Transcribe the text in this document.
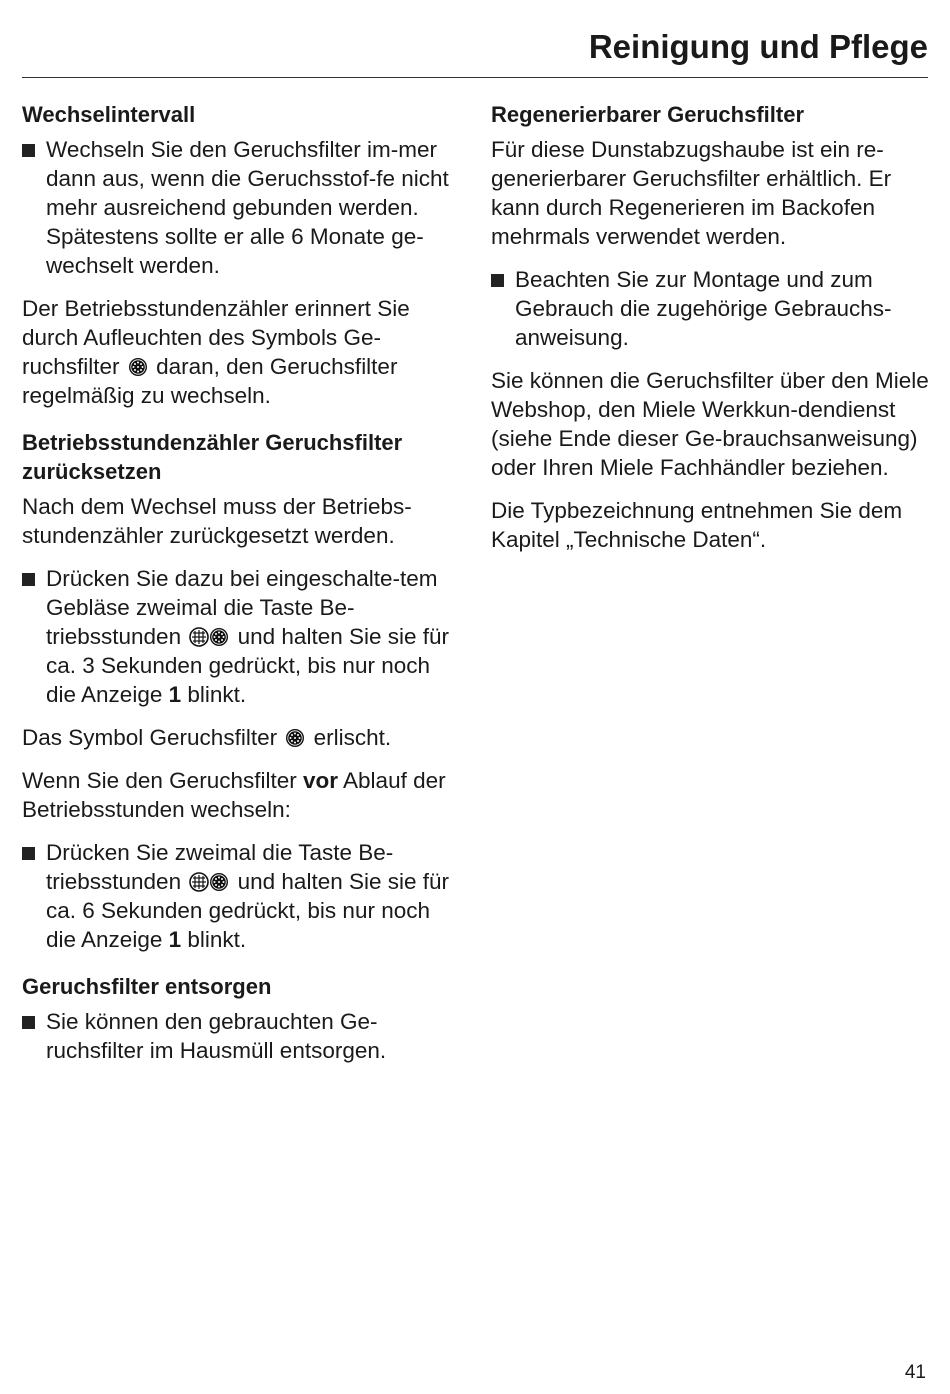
Reinigung und Pflege
Wechselintervall
Wechseln Sie den Geruchsfilter im-mer dann aus, wenn die Geruchsstof-fe nicht mehr ausreichend gebunden werden.
Spätestens sollte er alle 6 Monate ge-wechselt werden.

Der Betriebsstundenzähler erinnert Sie durch Aufleuchten des Symbols Ge-ruchsfilter daran, den Geruchsfilter regelmäßig zu wechseln.

Betriebsstundenzähler Geruchsfilter zurücksetzen

Nach dem Wechsel muss der Betriebs-stundenzähler zurückgesetzt werden.

Drücken Sie dazu bei eingeschalte-tem Gebläse zweimal die Taste Be-triebsstunden	und halten Sie sie für ca. 3 Sekunden gedrückt, bis nur noch die Anzeige 1 blinkt.

Das Symbol Geruchsfilter erlischt.

Wenn Sie den Geruchsfilter vor Ablauf der Betriebsstunden wechseln:

Drücken Sie zweimal die Taste Be-triebsstunden	und halten Sie sie für ca. 6 Sekunden gedrückt, bis nur noch die Anzeige 1 blinkt.
Geruchsfilter entsorgen
Sie können den gebrauchten Ge-ruchsfilter im Hausmüll entsorgen.
Regenerierbarer Geruchsfilter

Für diese Dunstabzugshaube ist ein re-generierbarer Geruchsfilter erhältlich. Er kann durch Regenerieren im Backofen mehrmals verwendet werden.

Beachten Sie zur Montage und zum Gebrauch die zugehörige Gebrauchs-anweisung.

Sie können die Geruchsfilter über den Miele Webshop, den Miele Werkkun-dendienst (siehe Ende dieser Ge-brauchsanweisung) oder Ihren Miele Fachhändler beziehen.

Die Typbezeichnung entnehmen Sie dem Kapitel „Technische Daten“.

41
